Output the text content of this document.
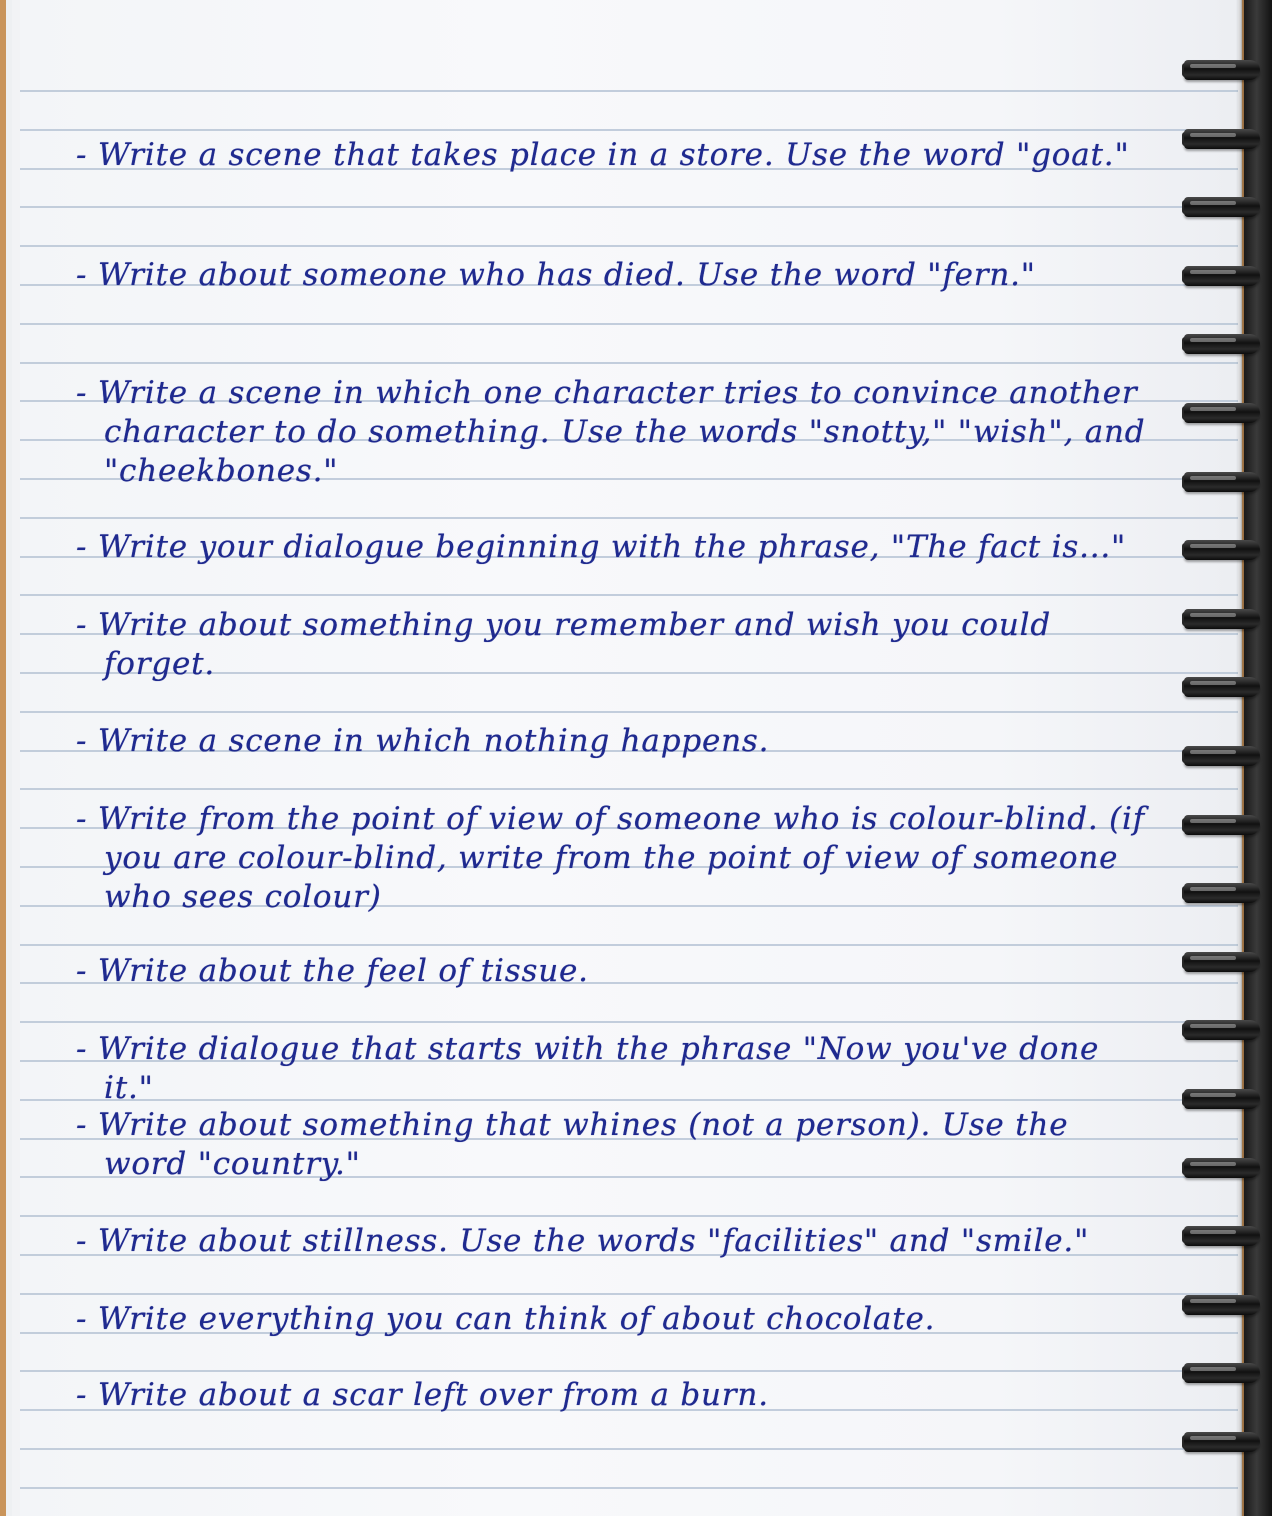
- Write a scene that takes place in a store. Use the word "goat."
- Write about someone who has died. Use the word "fern."
- Write a scene in which one character tries to convince another character to do something. Use the words "snotty," "wish", and "cheekbones."
- Write your dialogue beginning with the phrase, "The fact is..."
- Write about something you remember and wish you could forget.
- Write a scene in which nothing happens.
- Write from the point of view of someone who is colour-blind. (if you are colour-blind, write from the point of view of someone who sees colour)
- Write about the feel of tissue.
- Write dialogue that starts with the phrase "Now you've done it."
- Write about something that whines (not a person). Use the word "country."
- Write about stillness. Use the words "facilities" and "smile."
- Write everything you can think of about chocolate.
- Write about a scar left over from a burn.
